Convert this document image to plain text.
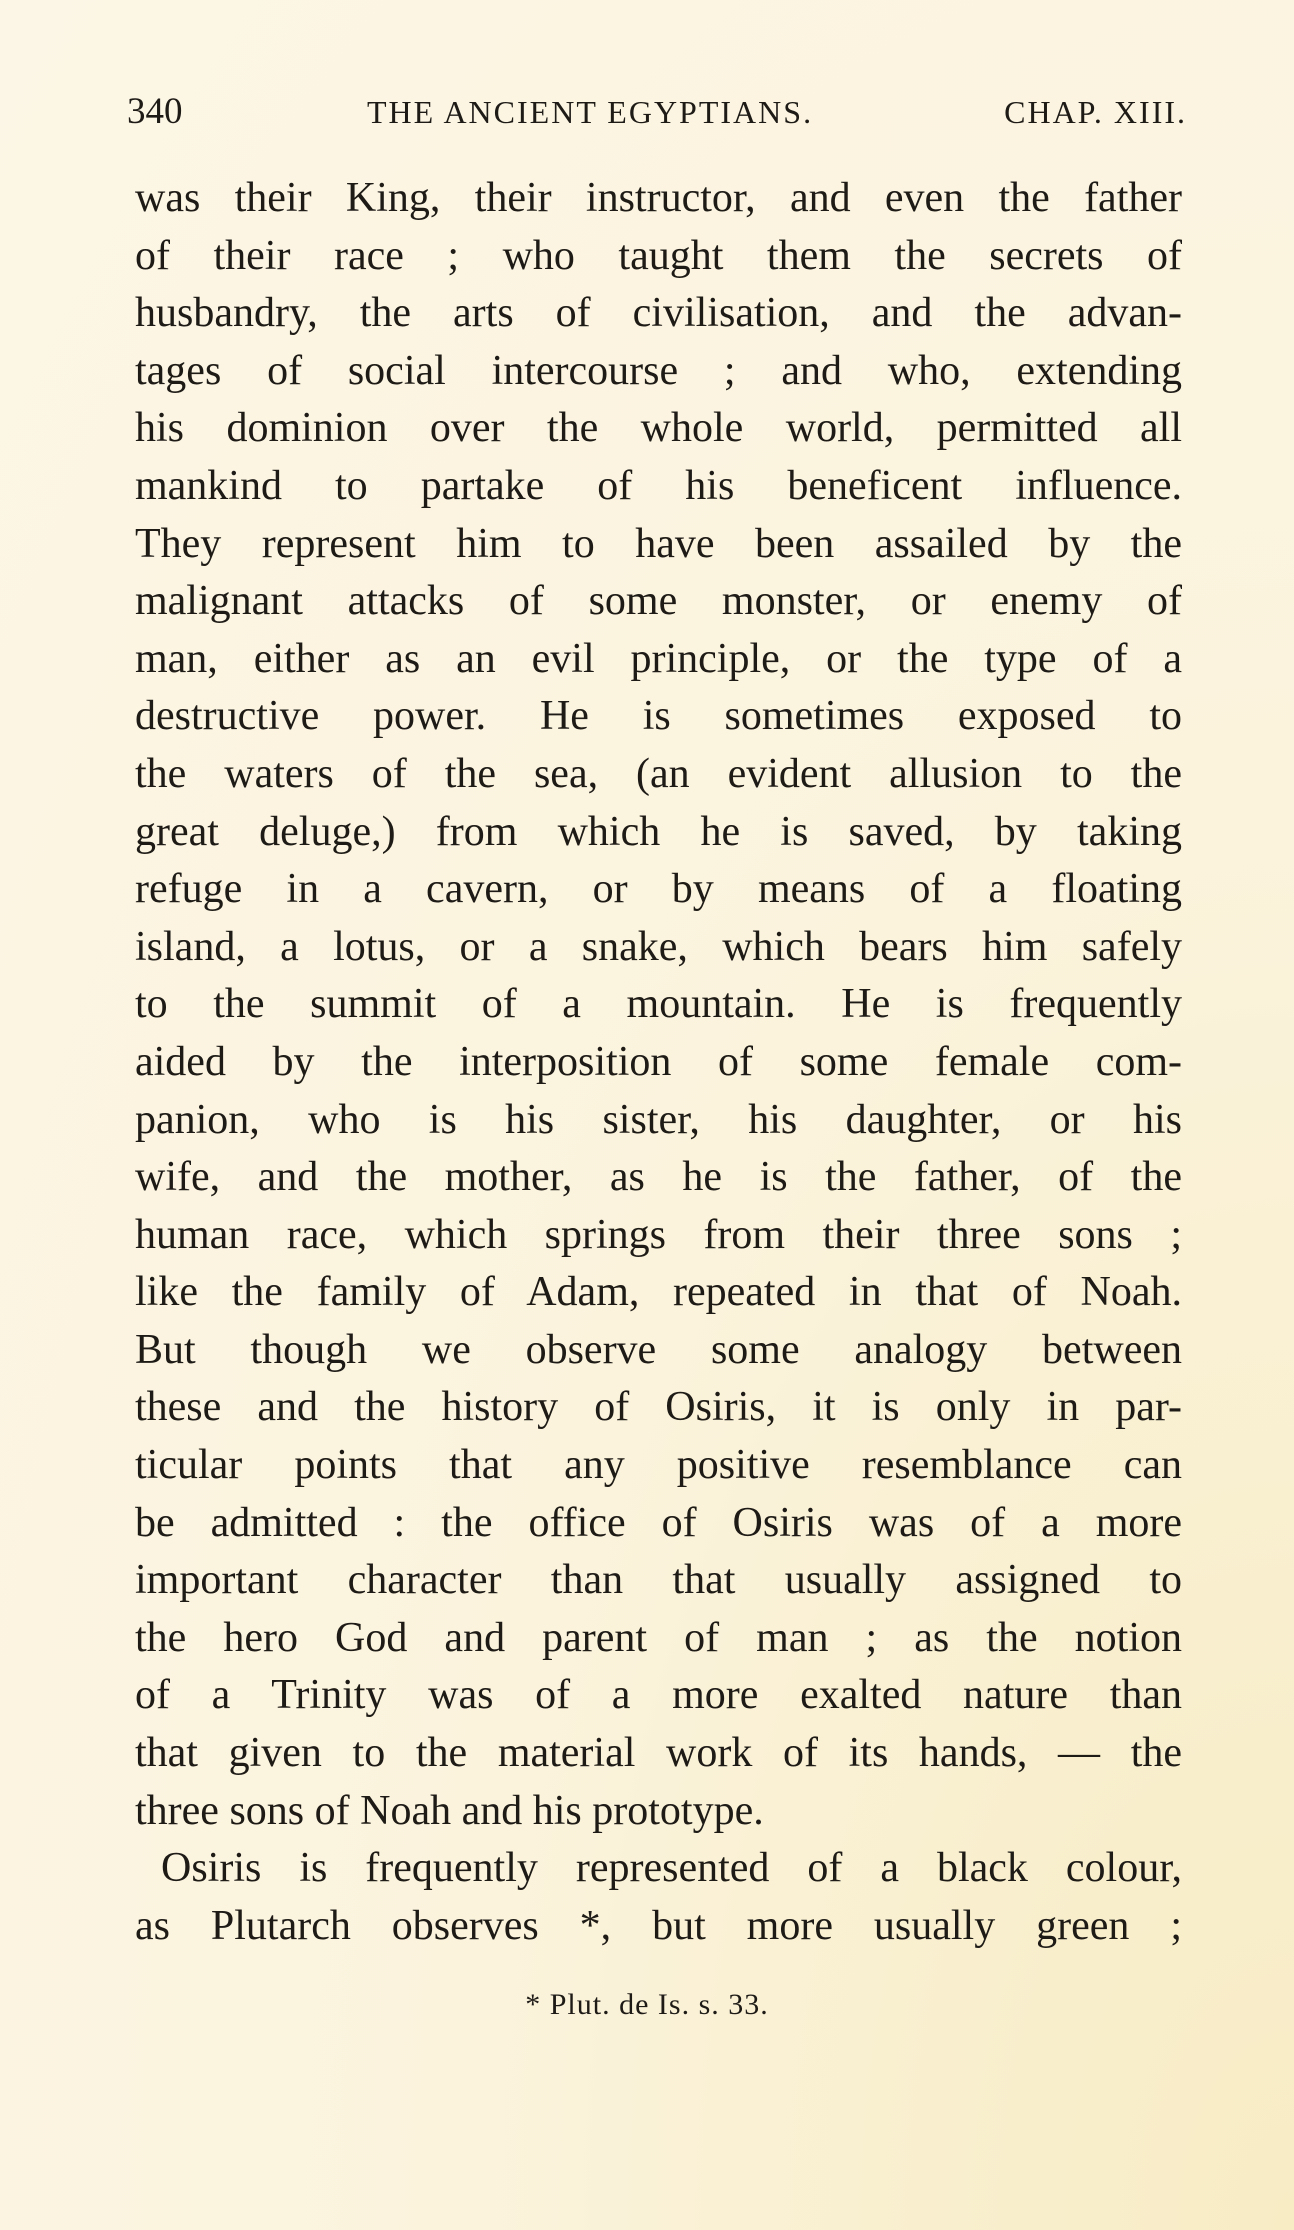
340	THE ANCIENT EGYPTIANS.	CHAP. XIII.
was their King, their instructor, and even the father
of their race ; who taught them the secrets of
husbandry, the arts of civilisation, and the advan-
tages of social intercourse ; and who, extending
his dominion over the whole world, permitted all
mankind to partake of his beneficent influence.
They represent him to have been assailed by the
malignant attacks of some monster, or enemy of
man, either as an evil principle, or the type of a
destructive power. He is sometimes exposed to
the waters of the sea, (an evident allusion to the
great deluge,) from which he is saved, by taking
refuge in a cavern, or by means of a floating
island, a lotus, or a snake, which bears him safely
to the summit of a mountain. He is frequently
aided by the interposition of some female com-
panion, who is his sister, his daughter, or his
wife, and the mother, as he is the father, of the
human race, which springs from their three sons ;
like the family of Adam, repeated in that of Noah.
But though we observe some analogy between
these and the history of Osiris, it is only in par-
ticular points that any positive resemblance can
be admitted : the office of Osiris was of a more
important character than that usually assigned to
the hero God and parent of man ; as the notion
of a Trinity was of a more exalted nature than
that given to the material work of its hands, — the
three sons of Noah and his prototype.
Osiris is frequently represented of a black colour,
as Plutarch observes *, but more usually green ;
* Plut. de Is. s. 33.
